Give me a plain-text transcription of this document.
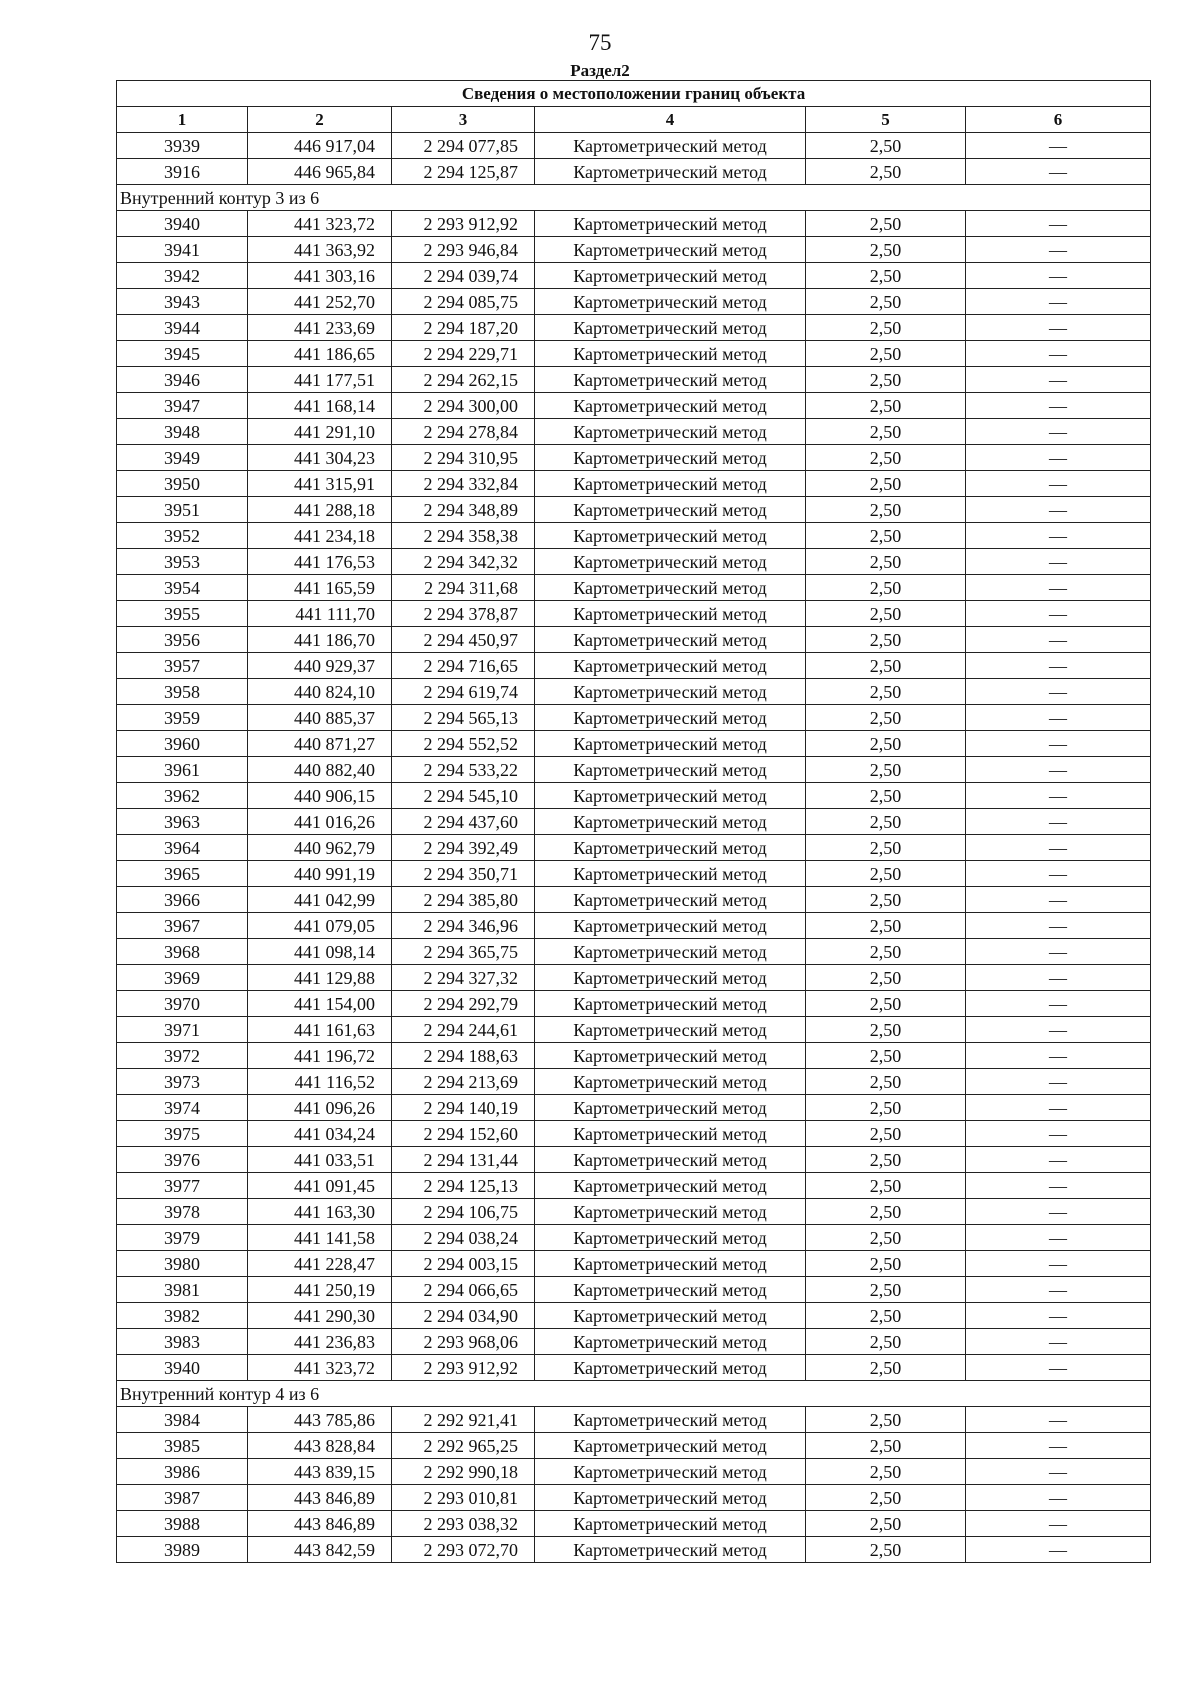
75
Раздел2
Сведения о местоположении границ объекта					
1	2	3	4	5	6
3939	446 917,04	2 294 077,85	Картометрический метод	2,50	—
3916	446 965,84	2 294 125,87	Картометрический метод	2,50	—
Внутренний контур 3 из 6					
3940	441 323,72	2 293 912,92	Картометрический метод	2,50	—
3941	441 363,92	2 293 946,84	Картометрический метод	2,50	—
3942	441 303,16	2 294 039,74	Картометрический метод	2,50	—
3943	441 252,70	2 294 085,75	Картометрический метод	2,50	—
3944	441 233,69	2 294 187,20	Картометрический метод	2,50	—
3945	441 186,65	2 294 229,71	Картометрический метод	2,50	—
3946	441 177,51	2 294 262,15	Картометрический метод	2,50	—
3947	441 168,14	2 294 300,00	Картометрический метод	2,50	—
3948	441 291,10	2 294 278,84	Картометрический метод	2,50	—
3949	441 304,23	2 294 310,95	Картометрический метод	2,50	—
3950	441 315,91	2 294 332,84	Картометрический метод	2,50	—
3951	441 288,18	2 294 348,89	Картометрический метод	2,50	—
3952	441 234,18	2 294 358,38	Картометрический метод	2,50	—
3953	441 176,53	2 294 342,32	Картометрический метод	2,50	—
3954	441 165,59	2 294 311,68	Картометрический метод	2,50	—
3955	441 111,70	2 294 378,87	Картометрический метод	2,50	—
3956	441 186,70	2 294 450,97	Картометрический метод	2,50	—
3957	440 929,37	2 294 716,65	Картометрический метод	2,50	—
3958	440 824,10	2 294 619,74	Картометрический метод	2,50	—
3959	440 885,37	2 294 565,13	Картометрический метод	2,50	—
3960	440 871,27	2 294 552,52	Картометрический метод	2,50	—
3961	440 882,40	2 294 533,22	Картометрический метод	2,50	—
3962	440 906,15	2 294 545,10	Картометрический метод	2,50	—
3963	441 016,26	2 294 437,60	Картометрический метод	2,50	—
3964	440 962,79	2 294 392,49	Картометрический метод	2,50	—
3965	440 991,19	2 294 350,71	Картометрический метод	2,50	—
3966	441 042,99	2 294 385,80	Картометрический метод	2,50	—
3967	441 079,05	2 294 346,96	Картометрический метод	2,50	—
3968	441 098,14	2 294 365,75	Картометрический метод	2,50	—
3969	441 129,88	2 294 327,32	Картометрический метод	2,50	—
3970	441 154,00	2 294 292,79	Картометрический метод	2,50	—
3971	441 161,63	2 294 244,61	Картометрический метод	2,50	—
3972	441 196,72	2 294 188,63	Картометрический метод	2,50	—
3973	441 116,52	2 294 213,69	Картометрический метод	2,50	—
3974	441 096,26	2 294 140,19	Картометрический метод	2,50	—
3975	441 034,24	2 294 152,60	Картометрический метод	2,50	—
3976	441 033,51	2 294 131,44	Картометрический метод	2,50	—
3977	441 091,45	2 294 125,13	Картометрический метод	2,50	—
3978	441 163,30	2 294 106,75	Картометрический метод	2,50	—
3979	441 141,58	2 294 038,24	Картометрический метод	2,50	—
3980	441 228,47	2 294 003,15	Картометрический метод	2,50	—
3981	441 250,19	2 294 066,65	Картометрический метод	2,50	—
3982	441 290,30	2 294 034,90	Картометрический метод	2,50	—
3983	441 236,83	2 293 968,06	Картометрический метод	2,50	—
3940	441 323,72	2 293 912,92	Картометрический метод	2,50	—
Внутренний контур 4 из 6					
3984	443 785,86	2 292 921,41	Картометрический метод	2,50	—
3985	443 828,84	2 292 965,25	Картометрический метод	2,50	—
3986	443 839,15	2 292 990,18	Картометрический метод	2,50	—
3987	443 846,89	2 293 010,81	Картометрический метод	2,50	—
3988	443 846,89	2 293 038,32	Картометрический метод	2,50	—
3989	443 842,59	2 293 072,70	Картометрический метод	2,50	—
